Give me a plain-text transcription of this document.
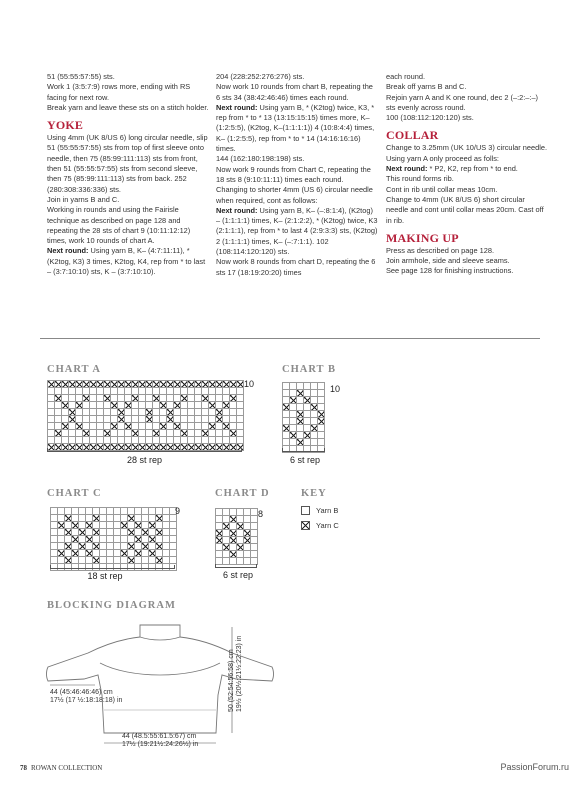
51 (55:55:57:55) sts.

Work 1 (3:5:7:9) rows more, ending with RS facing for next row.

Break yarn and leave these sts on a stitch holder.

YOKE

Using 4mm (UK 8/US 6) long circular needle, slip 51 (55:55:57:55) sts from top of first sleeve onto needle, then 75 (85:99:111:113) sts from front, then 51 (55:55:57:55) sts from second sleeve, then 75 (85:99:111:113) sts from back. 252 (280:308:336:336) sts.

Join in yarns B and C.

Working in rounds and using the Fairisle technique as described on page 128 and repeating the 28 sts of chart 9 (10:11:12:12) times, work 10 rounds of chart A.

Next round: Using yarn B, K– (4:7:11:11), * (K2tog, K3) 3 times, K2tog, K4, rep from * to last – (3:7:10:10) sts, K – (3:7:10:10).

204 (228:252:276:276) sts.

Now work 10 rounds from chart B, repeating the 6 sts 34 (38:42:46:46) times each round.

Next round: Using yarn B, * (K2tog) twice, K3, * rep from * to * 13 (13:15:15:15) times more, K– (1:2:5:5), (K2tog, K–(1:1:1:1)) 4 (10:8:4:4) times, K– (1:2:5:5), rep from * to * 14 (14:16:16:16) times.

144 (162:180:198:198) sts.

Now work 9 rounds from Chart C, repeating the 18 sts 8 (9:10:11:11) times each round.

Changing to shorter 4mm (US 6) circular needle when required, cont as follows:

Next round: Using yarn B, K– (–:8:1:4), (K2tog) – (1:1:1:1) times, K– (2:1:2:2), * (K2tog) twice, K3 (2:1:1:1), rep from * to last 4 (2:9:3:3) sts, (K2tog) 2 (1:1:1:1) times, K– (–:7:1:1). 102 (108:114:120:120) sts.

Now work 8 rounds from chart D, repeating the 6 sts 17 (18:19:20:20) times

each round.

Break off yarns B and C.

Rejoin yarn A and K one round, dec 2 (–:2:–:–) sts evenly across round.

100 (108:112:120:120) sts.

COLLAR

Change to 3.25mm (UK 10/US 3) circular needle.

Using yarn A only proceed as folls:

Next round: * P2, K2, rep from * to end.

This round forms rib.

Cont in rib until collar meas 10cm.

Change to 4mm (UK 8/US 6) short circular needle and cont until collar meas 20cm. Cast off in rib.

MAKING UP

Press as described on page 128.

Join armhole, side and sleeve seams.

See page 128 for finishing instructions.

CHART A

10
28 st rep
CHART B

10
6 st rep
CHART C

9
18 st rep
CHART D

8
6 st rep
KEY
Yarn B
Yarn C
BLOCKING DIAGRAM
44 (45:46:46:46) cm
17½ (17 ½:18:18:18) in	50 (52:54:56:58) cm 19½ (20½:21½:22:23) in
44 (48.5:55:61.5:67) cm
17½ (19:21½:24:26½) in
78 ROWAN COLLECTION	PassionForum.ru
